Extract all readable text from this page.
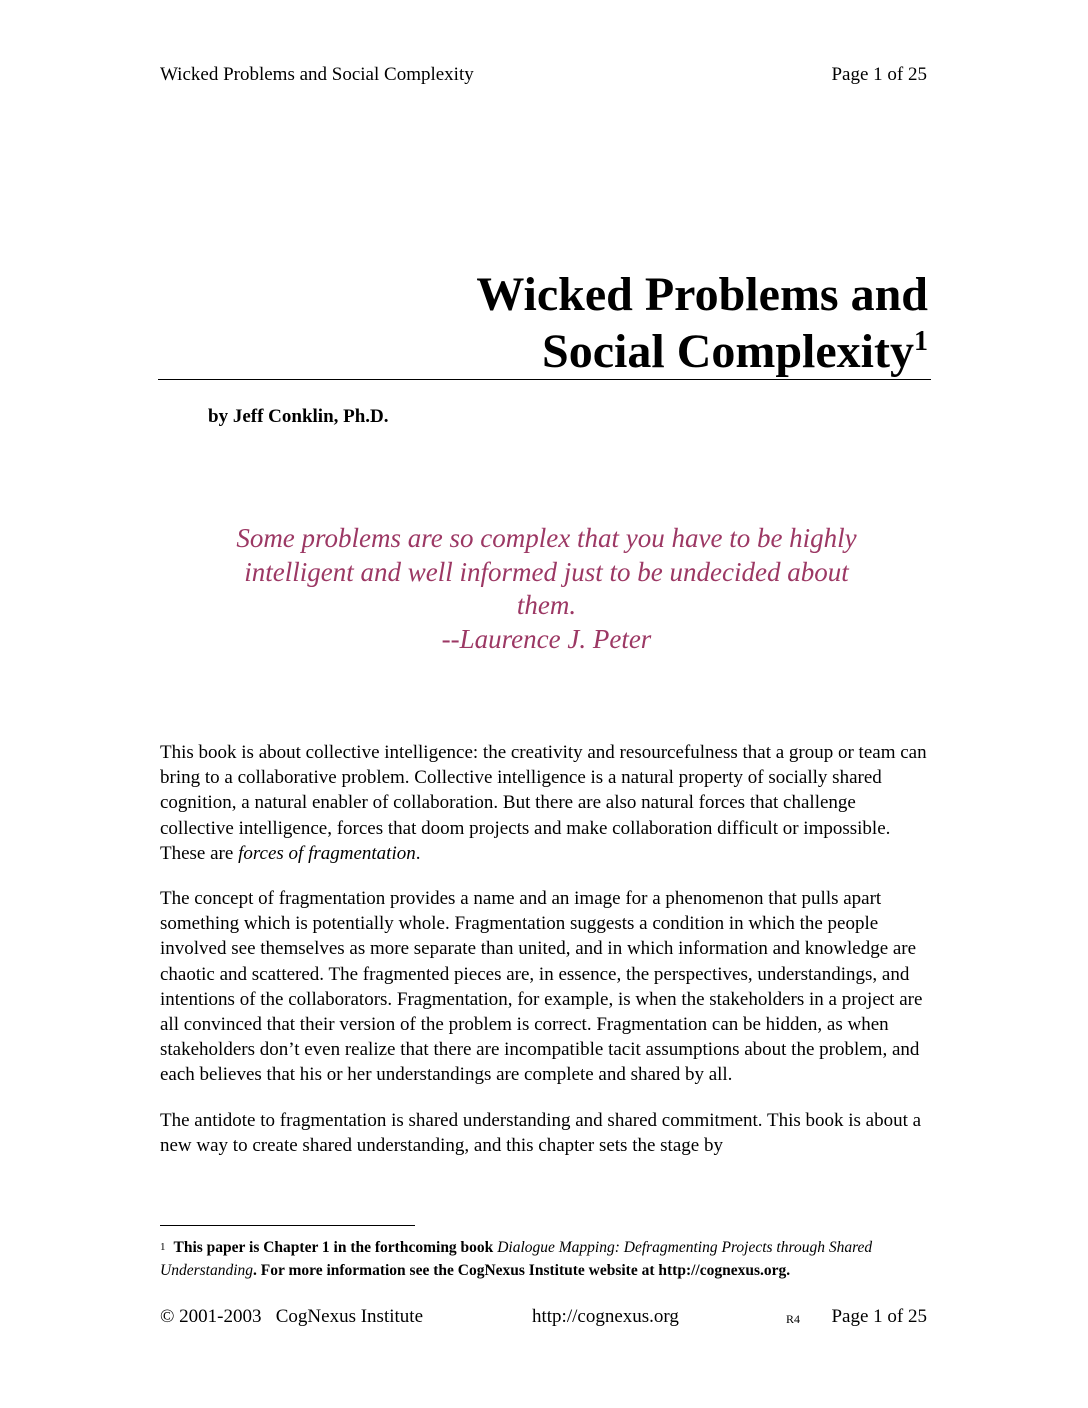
Wicked Problems and Social Complexity	Page 1 of 25
Wicked Problems and
Social Complexity$^1$
by Jeff Conklin, Ph.D.
Some problems are so complex that you have to be highly
intelligent and well informed just to be undecided about
them.
--Laurence J. Peter

This book is about collective intelligence: the creativity and resourcefulness that a group or team can bring to a collaborative problem. Collective intelligence is a natural property of socially shared cognition, a natural enabler of collaboration. But there are also natural forces that challenge collective intelligence, forces that doom projects and make collaboration difficult or impossible. These are forces of fragmentation.

The concept of fragmentation provides a name and an image for a phenomenon that pulls apart something which is potentially whole. Fragmentation suggests a condition in which the people involved see themselves as more separate than united, and in which information and knowledge are chaotic and scattered. The fragmented pieces are, in essence, the perspectives, understandings, and intentions of the collaborators. Fragmentation, for example, is when the stakeholders in a project are all convinced that their version of the problem is correct. Fragmentation can be hidden, as when stakeholders don’t even realize that there are incompatible tacit assumptions about the problem, and each believes that his or her understandings are complete and shared by all.

The antidote to fragmentation is shared understanding and shared commitment. This book is about a new way to create shared understanding, and this chapter sets the stage by

$^1$ This paper is Chapter 1 in the forthcoming book Dialogue Mapping: Defragmenting Projects through Shared Understanding. For more information see the CogNexus Institute website at http://cognexus.org.
© 2001-2003   CogNexus Institute	http://cognexus.org	R4 Page 1 of 25
